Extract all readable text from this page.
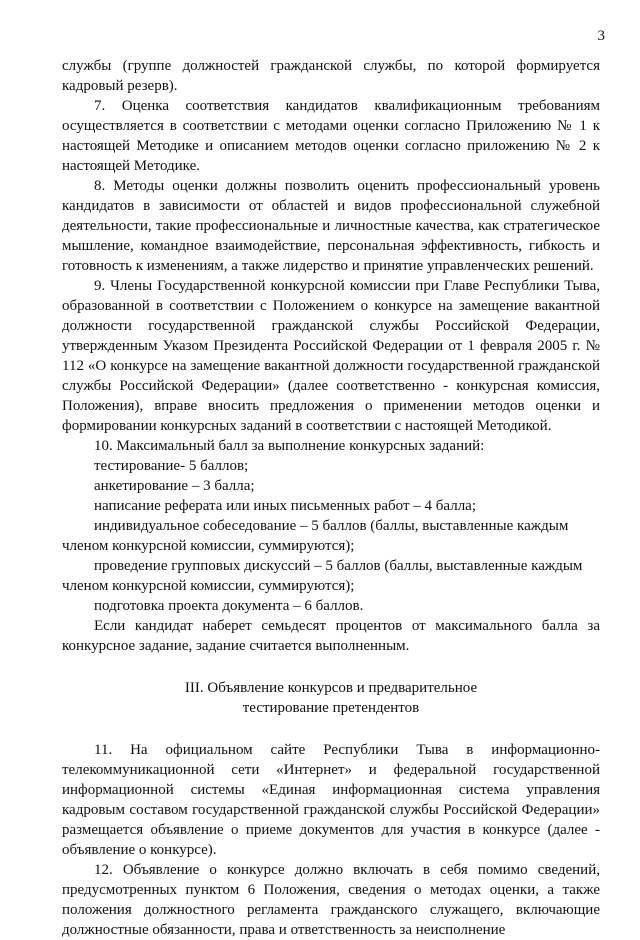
3

службы (группе должностей гражданской службы, по которой формируется кадровый резерв).

7. Оценка соответствия кандидатов квалификационным требованиям осуществляется в соответствии с методами оценки согласно Приложению № 1 к настоящей Методике и описанием методов оценки согласно приложению № 2 к настоящей Методике.

8. Методы оценки должны позволить оценить профессиональный уровень кандидатов в зависимости от областей и видов профессиональной служебной деятельности, такие профессиональные и личностные качества, как стратегическое мышление, командное взаимодействие, персональная эффективность, гибкость и готовность к изменениям, а также лидерство и принятие управленческих решений.

9. Члены Государственной конкурсной комиссии при Главе Республики Тыва, образованной в соответствии с Положением о конкурсе на замещение вакантной должности государственной гражданской службы Российской Федерации, утвержденным Указом Президента Российской Федерации от 1 февраля 2005 г. № 112 «О конкурсе на замещение вакантной должности государственной гражданской службы Российской Федерации» (далее соответственно - конкурсная комиссия, Положения), вправе вносить предложения о применении методов оценки и формировании конкурсных заданий в соответствии с настоящей Методикой.

10. Максимальный балл за выполнение конкурсных заданий:

тестирование- 5 баллов;

анкетирование – 3 балла;

написание реферата или иных письменных работ – 4 балла;

индивидуальное собеседование – 5 баллов (баллы, выставленные каждым членом конкурсной комиссии, суммируются);

проведение групповых дискуссий – 5 баллов (баллы, выставленные каждым членом конкурсной комиссии, суммируются);

подготовка проекта документа – 6 баллов.

Если кандидат наберет семьдесят процентов от максимального балла за конкурсное задание, задание считается выполненным.

III. Объявление конкурсов и предварительное
тестирование претендентов

11. На официальном сайте Республики Тыва в информационно-телекоммуникационной сети «Интернет» и федеральной государственной информационной системы «Единая информационная система управления кадровым составом государственной гражданской службы Российской Федерации» размещается объявление о приеме документов для участия в конкурсе (далее - объявление о конкурсе).

12. Объявление о конкурсе должно включать в себя помимо сведений, предусмотренных пунктом 6 Положения, сведения о методах оценки, а также положения должностного регламента гражданского служащего, включающие должностные обязанности, права и ответственность за неисполнение
